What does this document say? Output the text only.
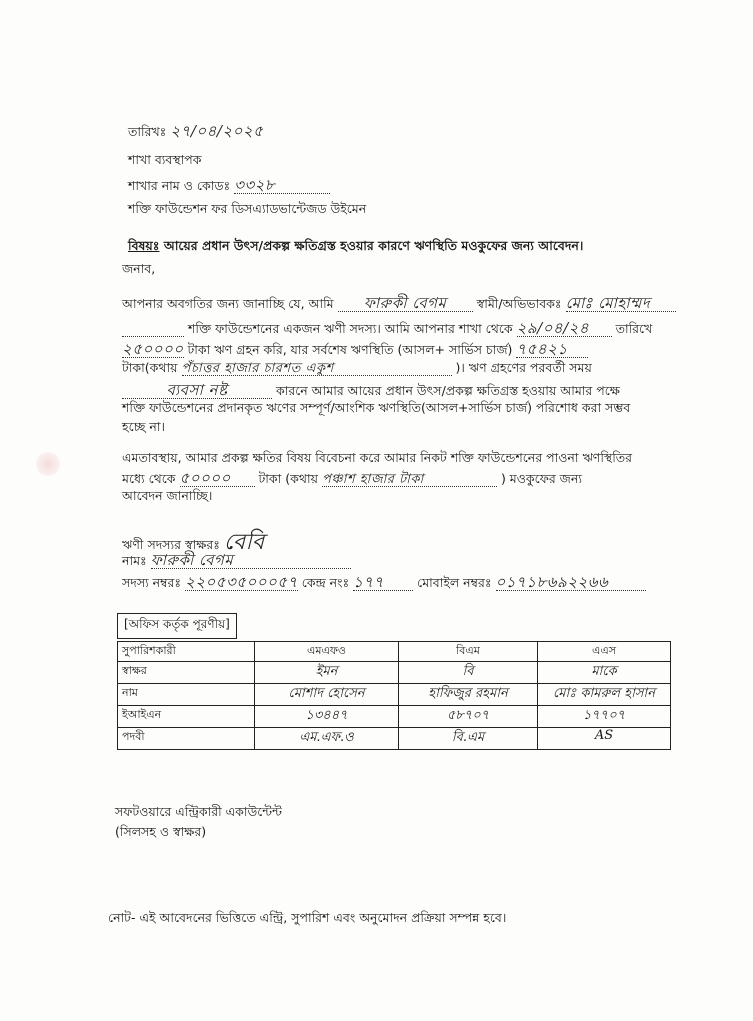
তারিখঃ ২৭/০৪/২০২৫
শাখা ব্যবস্থাপক
শাখার নাম ও কোডঃ ৩৩২৮
শক্তি ফাউন্ডেশন ফর ডিসএ্যাডভান্টেজড উইমেন
বিষয়ঃ আয়ের প্রধান উৎস/প্রকল্প ক্ষতিগ্রস্ত হওয়ার কারণে ঋণস্থিতি মওকুফের জন্য আবেদন।
জনাব,
আপনার অবগতির জন্য জানাচ্ছি যে, আমি ফারুকী বেগম স্বামী/অভিভাবকঃ মোঃ মোহাম্মদ
শক্তি ফাউন্ডেশনের একজন ঋণী সদস্য। আমি আপনার শাখা থেকে ২৯/০৪/২৪ তারিখে
২৫০০০০ টাকা ঋণ গ্রহন করি, যার সর্বশেষ ঋণস্থিতি (আসল+ সার্ভিস চার্জ) ৭৫৪২১
টাকা(কথায় পঁচাত্তর হাজার চারশত একুশ	)। ঋণ গ্রহণের পরবর্তী সময়
ব্যবসা নষ্ট	কারনে আমার আয়ের প্রধান উৎস/প্রকল্প ক্ষতিগ্রস্ত হওয়ায় আমার পক্ষে
শক্তি ফাউন্ডেশনের প্রদানকৃত ঋণের সম্পূর্ণ/আংশিক ঋণস্থিতি(আসল+সার্ভিস চার্জ) পরিশোধ করা সম্ভব
হচ্ছে না।
এমতাবস্থায়, আমার প্রকল্প ক্ষতির বিষয় বিবেচনা করে আমার নিকট শক্তি ফাউন্ডেশনের পাওনা ঋণস্থিতির
মধ্যে থেকে ৫০০০০ টাকা (কথায় পঞ্চাশ হাজার টাকা	) মওকুফের জন্য
আবেদন জানাচ্ছি।
ঋণী সদস্যর স্বাক্ষরঃ বেবি
নামঃ ফারুকী বেগম
সদস্য নম্বরঃ ২২০৫৩৫০০০৫৭ কেন্দ্র নংঃ ১৭৭	মোবাইল নম্বরঃ ০১৭১৮৬৯২২৬৬
[অফিস কর্তৃক পূরণীয়]
সুপারিশকারী	এমএফও	বিএম	এএস
স্বাক্ষর	ইমন	বি	মাকে
নাম	মোশাদ হোসেন	হাফিজুর রহমান	মোঃ কামরুল হাসান
ইআইএন	১৩৪৪৭	৫৮৭০৭	১৭৭০৭
পদবী	এম.এফ.ও	বি.এম	AS
সফটওয়ারে এন্ট্রিকারী একাউন্টেন্ট
(সিলসহ ও স্বাক্ষর)
নোট- এই আবেদনের ভিত্তিতে এন্ট্রি, সুপারিশ এবং অনুমোদন প্রক্রিয়া সম্পন্ন হবে।
